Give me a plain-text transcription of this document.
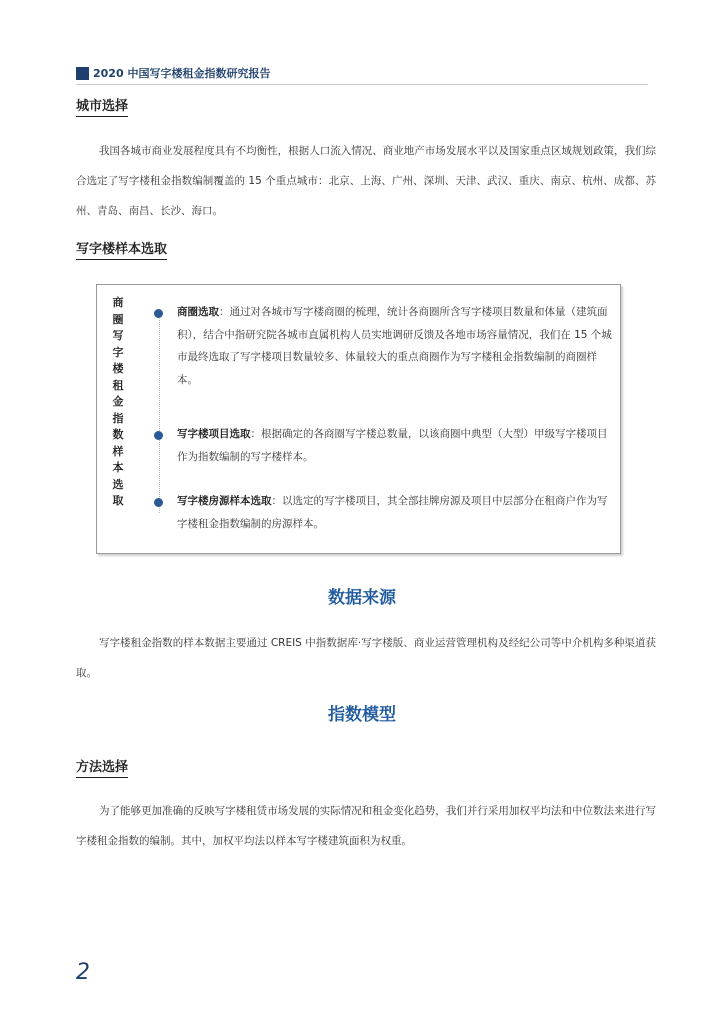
2020 中国写字楼租金指数研究报告
城市选择

我国各城市商业发展程度具有不均衡性，根据人口流入情况、商业地产市场发展水平以及国家重点区域规划政策，我们综合选定了写字楼租金指数编制覆盖的 15 个重点城市：北京、上海、广州、深圳、天津、武汉、重庆、南京、杭州、成都、苏州、青岛、南昌、长沙、海口。

写字楼样本选取
商圈写字楼租金指数样本选取

商圈选取：通过对各城市写字楼商圈的梳理，统计各商圈所含写字楼项目数量和体量（建筑面积），结合中指研究院各城市直属机构人员实地调研反馈及各地市场容量情况，我们在 15 个城市最终选取了写字楼项目数量较多、体量较大的重点商圈作为写字楼租金指数编制的商圈样本。

写字楼项目选取：根据确定的各商圈写字楼总数量，以该商圈中典型（大型）甲级写字楼项目作为指数编制的写字楼样本。

写字楼房源样本选取：以选定的写字楼项目，其全部挂牌房源及项目中层部分在租商户作为写字楼租金指数编制的房源样本。

数据来源

写字楼租金指数的样本数据主要通过 CREIS 中指数据库·写字楼版、商业运营管理机构及经纪公司等中介机构多种渠道获取。

指数模型
方法选择

为了能够更加准确的反映写字楼租赁市场发展的实际情况和租金变化趋势，我们并行采用加权平均法和中位数法来进行写字楼租金指数的编制。其中，加权平均法以样本写字楼建筑面积为权重。

2
